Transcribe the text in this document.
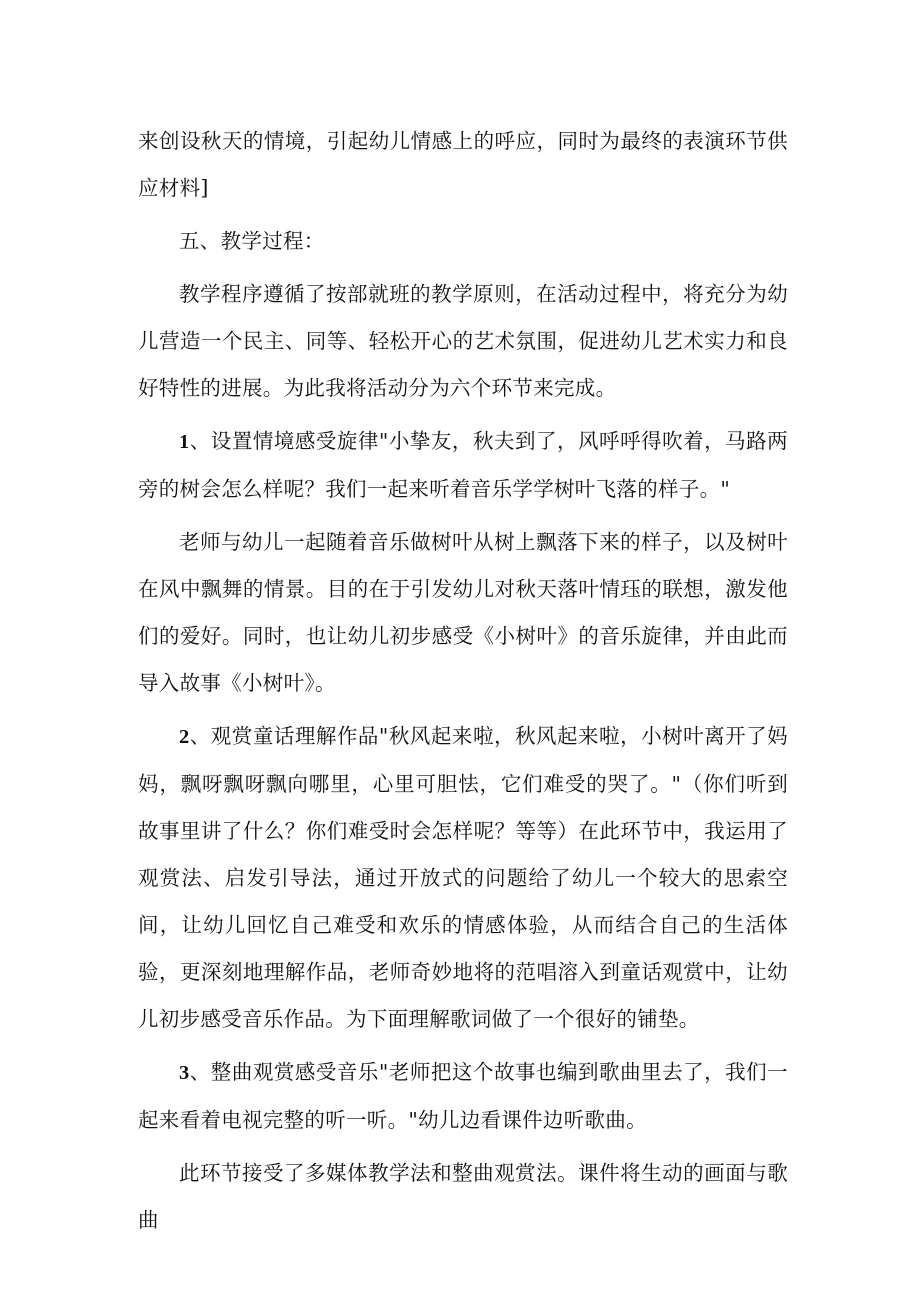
来创设秋天的情境，引起幼儿情感上的呼应，同时为最终的表演环节供应材料]

五、教学过程：

教学程序遵循了按部就班的教学原则，在活动过程中，将充分为幼儿营造一个民主、同等、轻松开心的艺术氛围，促进幼儿艺术实力和良好特性的进展。为此我将活动分为六个环节来完成。

1、设置情境感受旋律"小挚友，秋夫到了，风呼呼得吹着，马路两旁的树会怎么样呢？我们一起来听着音乐学学树叶飞落的样子。"

老师与幼儿一起随着音乐做树叶从树上飘落下来的样子，以及树叶在风中飘舞的情景。目的在于引发幼儿对秋天落叶情珏的联想，激发他们的爱好。同时，也让幼儿初步感受《小树叶》的音乐旋律，并由此而导入故事《小树叶》。

2、观赏童话理解作品"秋风起来啦，秋风起来啦，小树叶离开了妈妈，飘呀飘呀飘向哪里，心里可胆怯，它们难受的哭了。"（你们听到故事里讲了什么？你们难受时会怎样呢？等等）在此环节中，我运用了观赏法、启发引导法，通过开放式的问题给了幼儿一个较大的思索空间，让幼儿回忆自己难受和欢乐的情感体验，从而结合自己的生活体验，更深刻地理解作品，老师奇妙地将的范唱溶入到童话观赏中，让幼儿初步感受音乐作品。为下面理解歌词做了一个很好的铺垫。

3、整曲观赏感受音乐"老师把这个故事也编到歌曲里去了，我们一起来看着电视完整的听一听。"幼儿边看课件边听歌曲。

此环节接受了多媒体教学法和整曲观赏法。课件将生动的画面与歌曲
